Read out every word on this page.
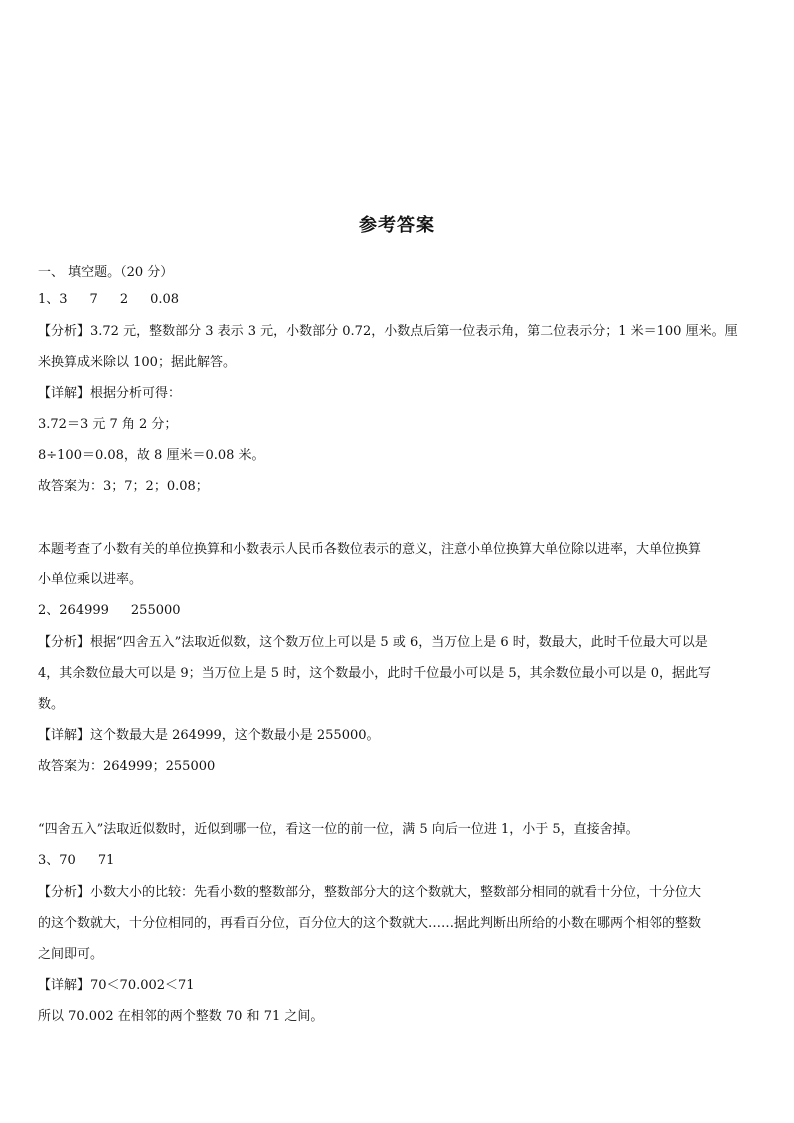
参考答案
一、 填空题。（20 分）
1、3 7 2 0.08
【分析】3.72 元，整数部分 3 表示 3 元，小数部分 0.72，小数点后第一位表示角，第二位表示分；1 米＝100 厘米。厘
米换算成米除以 100；据此解答。
【详解】根据分析可得：
3.72＝3 元 7 角 2 分；
8÷100＝0.08，故 8 厘米＝0.08 米。
故答案为：3；7；2；0.08；
本题考查了小数有关的单位换算和小数表示人民币各数位表示的意义，注意小单位换算大单位除以进率，大单位换算
小单位乘以进率。
2、264999 255000
【分析】根据“四舍五入”法取近似数，这个数万位上可以是 5 或 6，当万位上是 6 时，数最大，此时千位最大可以是
4，其余数位最大可以是 9；当万位上是 5 时，这个数最小，此时千位最小可以是 5，其余数位最小可以是 0，据此写
数。
【详解】这个数最大是 264999，这个数最小是 255000。
故答案为：264999；255000
“四舍五入”法取近似数时，近似到哪一位，看这一位的前一位，满 5 向后一位进 1，小于 5，直接舍掉。
3、70 71
【分析】小数大小的比较：先看小数的整数部分，整数部分大的这个数就大，整数部分相同的就看十分位，十分位大
的这个数就大，十分位相同的，再看百分位，百分位大的这个数就大……据此判断出所给的小数在哪两个相邻的整数
之间即可。
【详解】70＜70.002＜71
所以 70.002 在相邻的两个整数 70 和 71 之间。
